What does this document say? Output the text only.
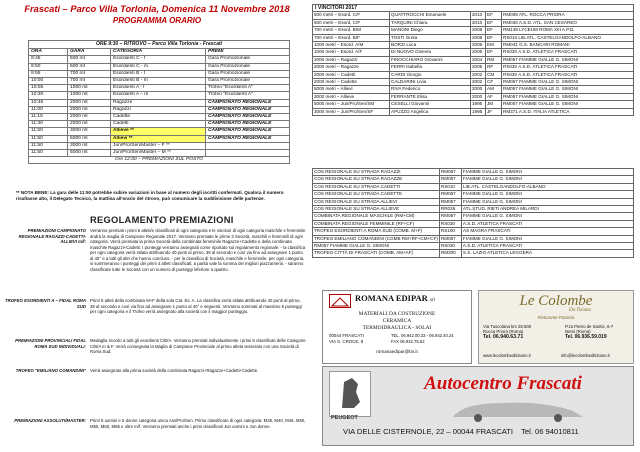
Frascati – Parco Villa Torlonia, Domenica 11 Novembre 2018
PROGRAMMA ORARIO
ORE 9:30 – RITROVO – Parco Villa Torlonia - Frascati
ORA	GARA	CATEGORIA	PREMI
9:45	500 mt	Esordienti C - f	Gara Promozionale
9:50	500 mt	Esordienti C - m	Gara Promozionale
9:55	700 mt	Esordienti B - f	Gara Promozionale
10:00	700 mt	Esordienti B - m	Gara Promozionale
10:05	1000 mt	Esordienti A - f	Trofeo "Esordienti A"
10:30	1000 mt	Esordienti A – m	Trofeo "Esordienti A"
10:45	2000 mt	Ragazze	CAMPIONATO REGIONALE
11:00	2000 mt	Ragazzi	CAMPIONATO REGIONALE
11:15	2000 mt	Cadette	CAMPIONATO REGIONALE
11:30	2000 mt	Cadetti	CAMPIONATO REGIONALE
11:50	3000 mt	Allieve **	CAMPIONATO REGIONALE
11:50	5000 mt	Allievi **	CAMPIONATO REGIONALE
11:50	3000 mt	Jun/Pro/Sen/Master – F **	
11:50	5000 mt	Jun/Pro/Sen/Master – M **	
Ore 12:00 – PREMIAZIONI SUL POSTO			
** NOTA BENE: La gara delle 11:50 potrebbe subire variazioni in base al numero degli iscritti confermati. Qualora il numero risultasse alto, il Delegato Tecnico, la mattina all'orario del ritrovo, può comunicare la suddivisione delle partenze.
REGOLAMENTO PREMIAZIONI
PREMIAZIONI CAMPIONATO REGIONALE RAGAZZI-CADETTI-ALLIEVI m/f:
Verranno premiati i primi 6 atleti/e classificati di ogni categoria e le vincitori di ogni categoria maschile e femminile andrà la maglia di Campione Regionale 2017. Verranno premiate le prime 3 Società, maschili e femminili di ogni categoria. Verrà premiata la prima Società della combinata femminile Ragazze+Cadette e della combinata maschile Ragazzi+Cadetti. I punteggi verranno assegnati come riportato sul regolamento regionale. - la classifica per ogni categoria verrà stilata attribuendo 40 punti al primo, 39 al secondo e così via fino ad assegnare 1 punto al 40° e a tutti gli altri che hanno concluso. - per la classifica di Società, maschile e femminile, per ogni categoria, si sommeranno i punteggi dei primi 4 atleti classificati; a parità vale la somma dei migliori piazzamenti. - saranno classificate tutte le Società con un numero di punteggi inferiore a quattro.
TROFEO ESORDIENTI A – FIDAL ROMA SUD
Primi 5 atleti della combinata M+F della sola Cat. Es. A. La classifica verrà stilata attribuendo 40 punti al primo, 39 al secondo e così via fino ad assegnare 1 punto al 40° e seguenti. Verranno sommati al massimo 5 punteggi per ogni categoria e il Trofeo verrà assegnato alla società con il maggior punteggio.
PREMIAZIONI PROVINCIALI FIDAL ROMA SUD INDIVIDUALI:
Medaglia ricordo a tutti gli esordienti C/B/A. Verranno premiati individualmente i primi 6 classificati delle Categorie C/B/A m & F. Verrà consegnata la Maglia di Campione Provinciale al primo atleta tesserato con una Società di Roma Sud.
TROFEO "EMILIANO COMANDINI" Verrà assegnato alla prima società della combinata Ragazzi+Ragazze+Cadetti+Cadette.
PREMIAZIONI ASSOLUTI/MASTER: Primi 5 uomini e 5 donne categoria unica Ass/Pro/Sen. Primo classificato di ogni categoria: M35, M40, M45, M50, M55, M60, M65 e oltre m/f. Verranno premiati anche i primi classificati Jun uomini e Jun donne.
I VINCITORI 2017
500 metri – Esord. C/F	QUATTROCCHI Emanuele	2010	EF	RM009 ATL. ROCCA PRIORA
500 metri – Esord. C/F	TARQUINI Chiara	2010	EF	RM030 A.S.D. ATL. SAN CESAREO
700 metri – Esord. B/M	MANONI Diego	2008	EF	RM148 LYCEUM ROMA XIII A.P.D.
700 metri – Esord. B/F	TOSTI Greta	2008	EF	RS010 LIB.ATL. CASTELGANDOLFO-ALBANO
1000 metri – Esord. A/M	BORZI Luca	2006	EM	RM041 G.S. BANCARI ROMANI
1000 metri – Esord. A/F	DI NUOVO Ginevra	2006	EF	RS030 A.S.D. ATLETICA FRASCATI
2000 metri – Ragazzi	FINOCCHIARO Giovanni	2004	RM	RM057 FIAMME GIALLE G. SIMONI
2000 metri – Ragazze	FERRI Isabella	2005	RF	RS030 A.S.D. ATLETICA FRASCATI
2000 metri – Cadetti	CARDI Giorgio	2002	CM	RS030 A.S.D. ATLETICA FRASCATI
2000 metri – Cadette	CALDARINI Livia	2002	CF	RM057 FIAMME GIALLE G. SIMONI
5000 metri – Allievi	RIVA Federico	2000	AM	RM057 FIAMME GIALLE G. SIMONI
3000 metri – Allieve	FERRANTE Elisa	2000	AF	RM057 FIAMME GIALLE G. SIMONI
5000 metri – Jun/Pro/Sen/SM	CESELLI Giovanni	1995	JM	RM057 FIAMME GIALLE G. SIMONI
3000 metri – Jun/Pro/Sen/SF	APUZZO Angelica	1995	JF	RM371 A.S.D. ITALIA ATLETICA
COS REGIONALE SU STRADA RAGAZZI	RM057	FIAMME GIALLE G. SIMONI
COS REGIONALE SU STRADA RAGAZZE	RM057	FIAMME GIALLE G. SIMONI
COS REGIONALE SU STRADA CADETTI	RS010	LIB.ATL. CASTELGANDOLFO-ALBANO
COS REGIONALE SU STRADA CADETTE	RM057	FIAMME GIALLE G. SIMONI
COS REGIONALE SU STRADA ALLIEVI	RM057	FIAMME GIALLE G. SIMONI
COS REGIONALE SU STRADA ALLIEVE	RR026	ATL.STUD. RIETI ANDREA MILARDI
COMBINATA REGIONALE MASCHILE (RM+CM)	RM057	FIAMME GIALLE G. SIMONI
COMBINATA REGIONALE FEMMINILE (RF+CF)	RS030	A.S.D. ATLETICA FRASCATI
TROFEO ESORDIENTI A ROMA SUD (COMB. M+F)	RS100	AS MAGRA FRASCATI
TROFEO EMILIANO COMANDINI (COMB RM+RF+CM+CF)	RM057	FIAMME GIALLE G. SIMONI
RM057 FIAMME GIALLE G. SIMONI	RS030	A.S.D. ATLETICA FRASCATI
TROFEO CITTÀ DI FRASCATI (COMB. AM+AF)	RM200	S.S. LAZIO ATLETICA LEGGERA
ROMANA EDIPAR srl
MATERIALI DA COSTRUZIONE
CERAMICA
TERMOIDRAULICA - SOLAI
00044 FRASCATI
VIA S. CROCE, 8
TEL. 06.942.00.33 - 06.942.40.24
FAX 06.942.75.52
romanaedipar@tin.it
Le Colombe
Da Tiziano
Ristorante Pizzeria
Via Tuscolana km 28.500
Rocca Priora (Roma)
Tel. 06.940.63.71
P.za Pietro de Santis, 6-7
Nemi (Roma)
Tel. 06.936.59.019
www.lecolombeditiziano.it	info@lecolombeditiziano.it
PEUGEOT
Autocentro Frascati
VIA DELLE CISTERNOLE, 22 – 00044 FRASCATI Tel. 06 94010811
